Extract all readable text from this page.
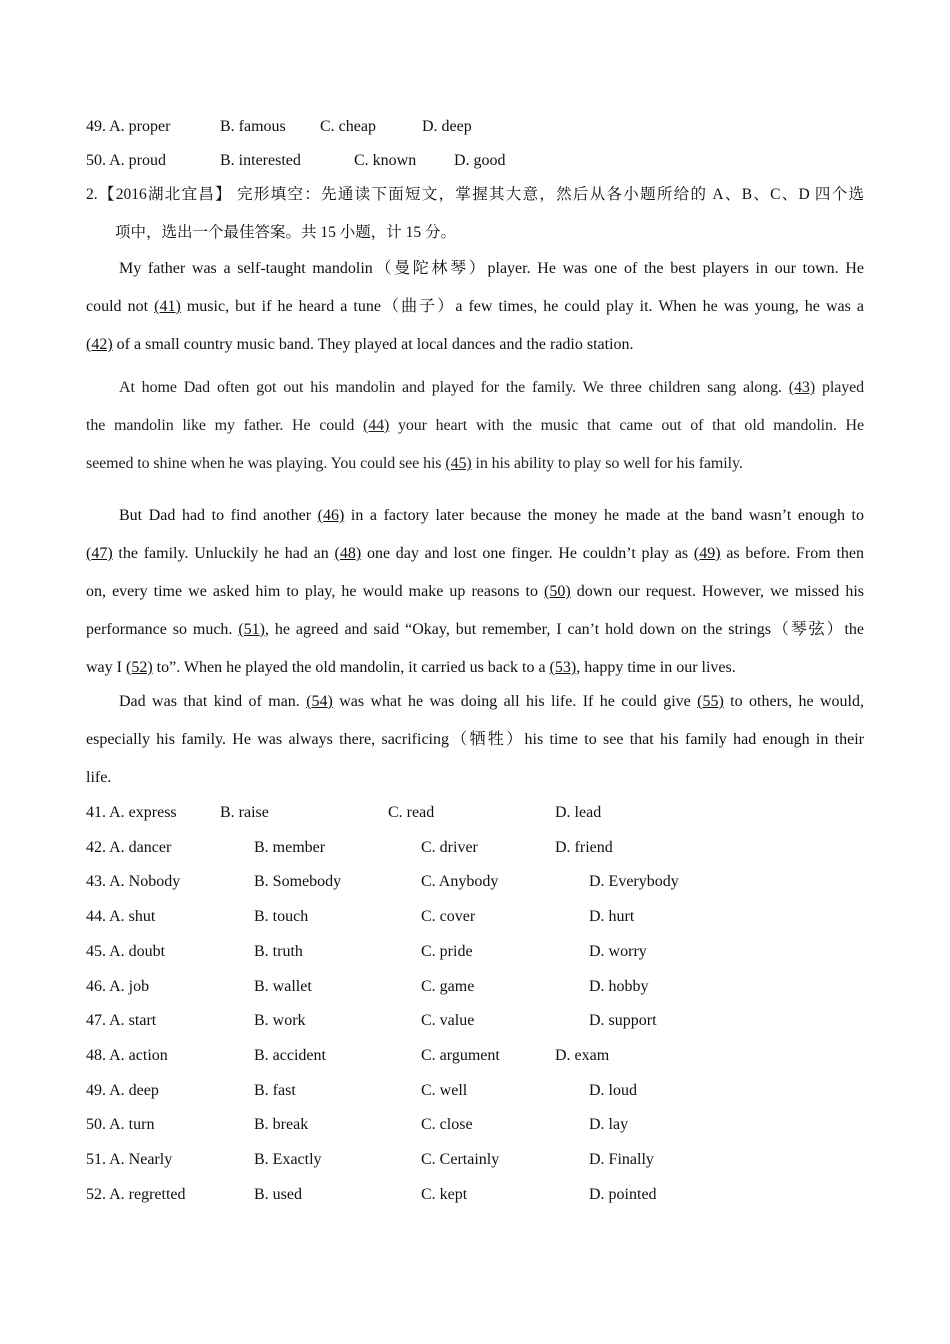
49. A. proper	B. famous C. cheap	D. deep
50. A. proud	B. interested	C. known D. good
2.【2016湖北宜昌】 完形填空：先通读下面短文，掌握其大意，然后从各小题所给的 A、B、C、D 四个选
项中，选出一个最佳答案。共 15 小题，计 15 分。
My father was a self-taught mandolin（曼陀林琴）player. He was one of the best players in our town. He
could not (41) music, but if he heard a tune（曲子）a few times, he could play it. When he was young, he was a
(42) of a small country music band. They played at local dances and the radio station.
At home Dad often got out his mandolin and played for the family. We three children sang along. (43) played
the mandolin like my father. He could (44) your heart with the music that came out of that old mandolin. He
seemed to shine when he was playing. You could see his (45) in his ability to play so well for his family.
But Dad had to find another (46) in a factory later because the money he made at the band wasn’t enough to
(47) the family. Unluckily he had an (48) one day and lost one finger. He couldn’t play as (49) as before. From then
on, every time we asked him to play, he would make up reasons to (50) down our request. However, we missed his
performance so much. (51), he agreed and said “Okay, but remember, I can’t hold down on the strings（琴弦）the
way I (52) to”. When he played the old mandolin, it carried us back to a (53), happy time in our lives.
Dad was that kind of man. (54) was what he was doing all his life. If he could give (55) to others, he would,
especially his family. He was always there, sacrificing（牺牲）his time to see that his family had enough in their
life.
41. A. express	B. raise	C. read	D. lead
42. A. dancer	B. member	C. driver	D. friend
43. A. Nobody	B. Somebody	C. Anybody	D. Everybody
44. A. shut	B. touch	C. cover	D. hurt
45. A. doubt	B. truth	C. pride	D. worry
46. A. job	B. wallet	C. game	D. hobby
47. A. start	B. work	C. value	D. support
48. A. action	B. accident	C. argument	D. exam
49. A. deep	B. fast	C. well	D. loud
50. A. turn	B. break	C. close	D. lay
51. A. Nearly	B. Exactly	C. Certainly	D. Finally
52. A. regretted	B. used	C. kept	D. pointed
